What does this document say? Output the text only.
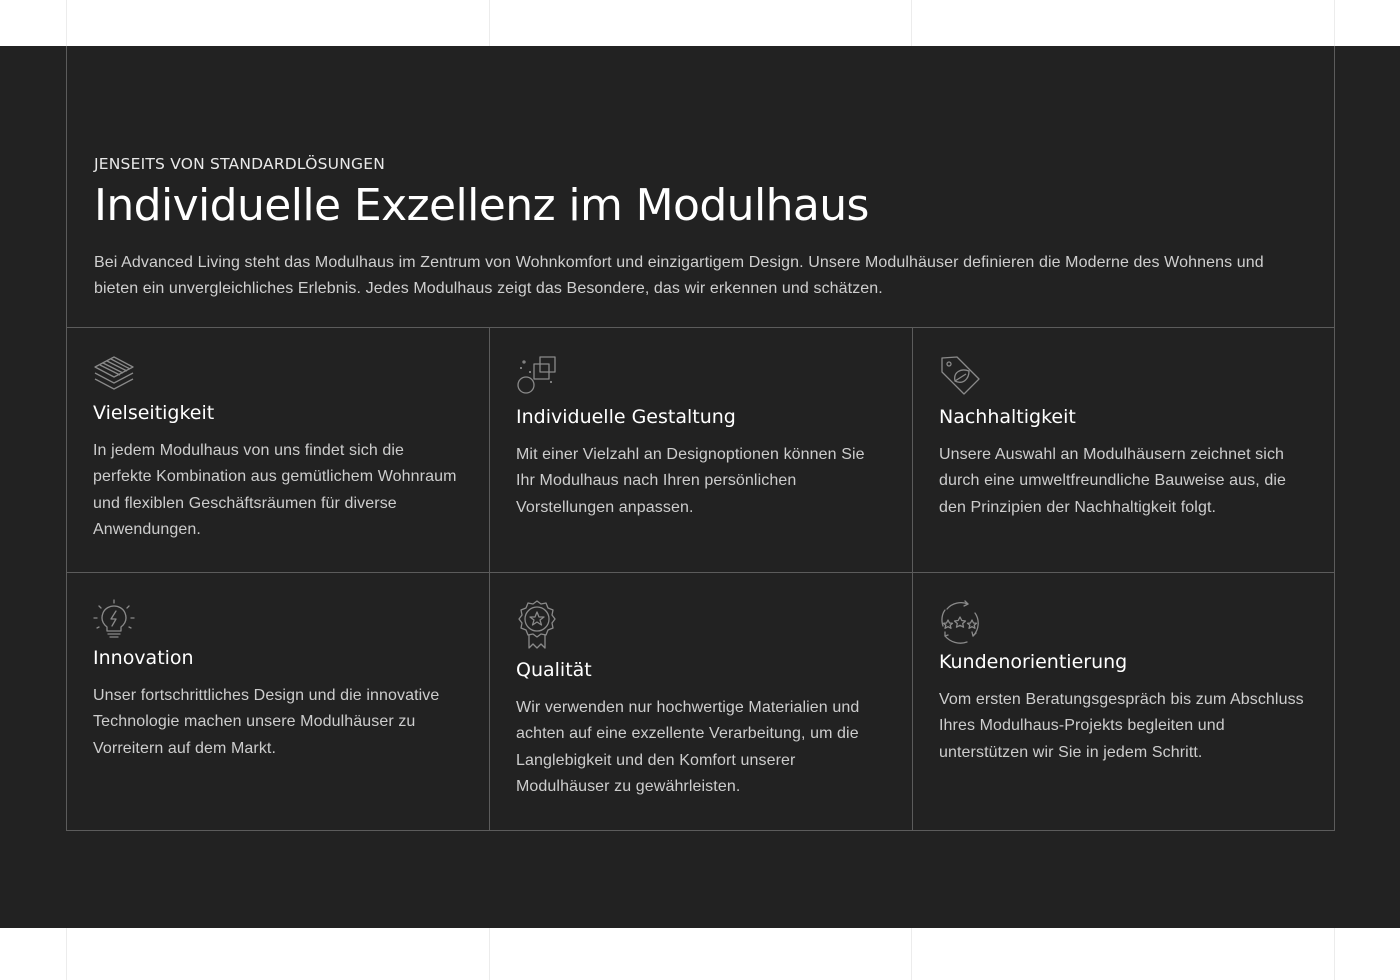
JENSEITS VON STANDARDLÖSUNGEN
Individuelle Exzellenz im Modulhaus

Bei Advanced Living steht das Modulhaus im Zentrum von Wohnkomfort und einzigartigem Design. Unsere Modulhäuser definieren die Moderne des Wohnens und bieten ein unvergleichliches Erlebnis. Jedes Modulhaus zeigt das Besondere, das wir erkennen und schätzen.

Vielseitigkeit

In jedem Modulhaus von uns findet sich die perfekte Kombination aus gemütlichem Wohnraum und flexiblen Geschäftsräumen für diverse Anwendungen.

Individuelle Gestaltung

Mit einer Vielzahl an Designoptionen können Sie Ihr Modulhaus nach Ihren persönlichen Vorstellungen anpassen.

Nachhaltigkeit

Unsere Auswahl an Modulhäusern zeichnet sich durch eine umweltfreundliche Bauweise aus, die den Prinzipien der Nachhaltigkeit folgt.

Innovation

Unser fortschrittliches Design und die innovative Technologie machen unsere Modulhäuser zu Vorreitern auf dem Markt.

Qualität

Wir verwenden nur hochwertige Materialien und achten auf eine exzellente Verarbeitung, um die Langlebigkeit und den Komfort unserer Modulhäuser zu gewährleisten.

Kundenorientierung

Vom ersten Beratungsgespräch bis zum Abschluss Ihres Modulhaus-Projekts begleiten und unterstützen wir Sie in jedem Schritt.
